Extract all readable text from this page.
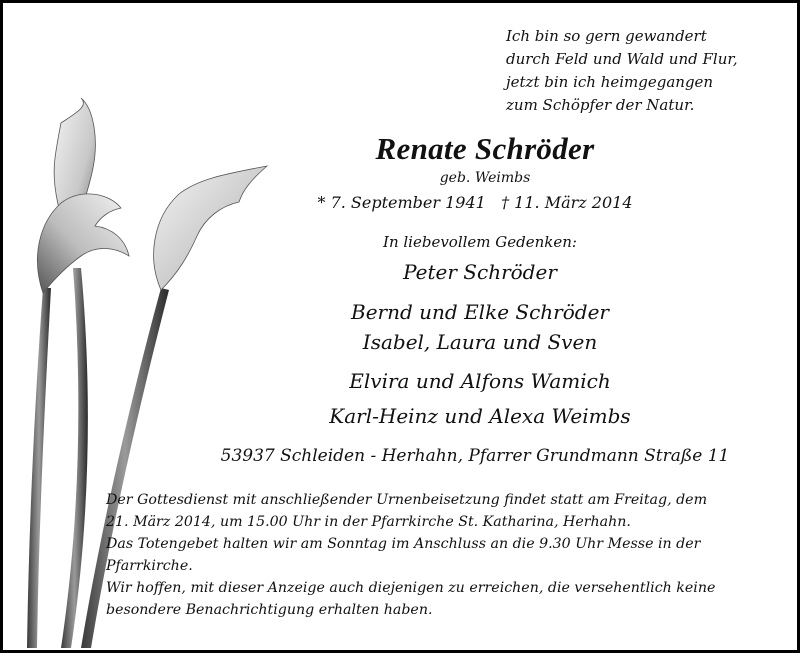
Ich bin so gern gewandert
durch Feld und Wald und Flur,
jetzt bin ich heimgegangen
zum Schöpfer der Natur.
Renate Schröder
geb. Weimbs
* 7. September 1941   † 11. März 2014
In liebevollem Gedenken:
Peter Schröder
Bernd und Elke Schröder
Isabel, Laura und Sven
Elvira und Alfons Wamich
Karl-Heinz und Alexa Weimbs
53937 Schleiden - Herhahn, Pfarrer Grundmann Straße 11

Der Gottesdienst mit anschließender Urnenbeisetzung findet statt am Freitag, dem

21. März 2014, um 15.00 Uhr in der Pfarrkirche St. Katharina, Herhahn.

Das Totengebet halten wir am Sonntag im Anschluss an die 9.30 Uhr Messe in der

Pfarrkirche.

Wir hoffen, mit dieser Anzeige auch diejenigen zu erreichen, die versehentlich keine

besondere Benachrichtigung erhalten haben.
